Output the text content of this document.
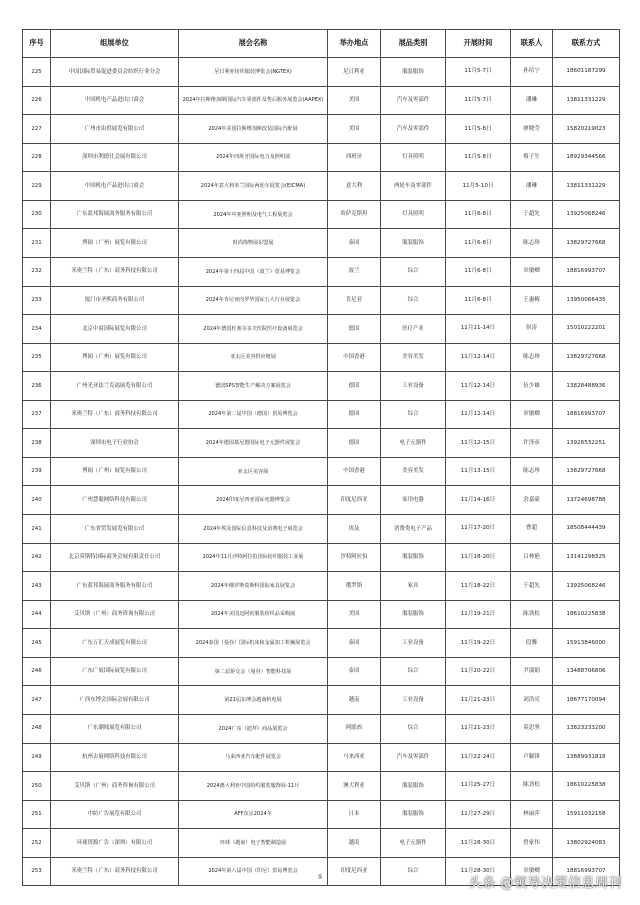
序号	组展单位	展会名称	举办地点	展品类别	开展时间	联系人	联系方式
225	中国国际贸易促进委员会纺织行业分会	尼日利亚纺织服装博览会(NGTEX)	尼日利亚	服装服饰	11月5-7日	孙培宁	18601187299
226	中国机电产品进出口商会	2024年拉斯维加斯国际汽车零部件及售后服务展览会(AAPEX)	美国	汽车及零部件	11月5-7日	潘琳	13811331229
227	广州市由供展览有限公司	2024年美国拉斯维加斯改装国际汽配展	美国	汽车及零部件	11月5-8日	廖晓莹	15820219023
228	深圳市利德仕会展有限公司	2024年西班牙国际电力及照明展	西班牙	灯具照明	11月5-8日	蔡子生	18929344566
229	中国机电产品进出口商会	2024年意大利米兰国际两轮车展览会(EICMA)	意大利	两轮车及零部件	11月5-10日	潘琳	13811331229
230	广东蓝邦海展商务服务有限公司	2024年中亚照明及电气工程展览会	哈萨克斯坦	灯具照明	11月6-8日	于超先	13925068246
231	博闻（广州）展览有限公司	时尚饰物展东盟展	泰国	服装服饰	11月6-8日	陈志珍	13829727668
232	米奥兰特（广东）商务科技有限公司	2024年第十四届中国（波兰）贸易博览会	波兰	综合	11月6-8日	章敏卿	18816993707
233	厦门市圣熙商务有限公司	2024年肯尼亚内罗毕国际五大行业展览会	肯尼亚	综合	11月6-8日	王惠梅	13950066435
234	北京中商国际展览有限公司	2024年德国杜塞尔多夫医院医疗设备展览会	德国	医疗产业	11月11-14日	侯涛	15010222201
235	博闻（广州）展览有限公司	亚太区美容供应链展	中国香港	美容美发	11月12-14日	陈志珍	13829727668
236	广州光亚法兰克福展览有限公司	德国SPS智能生产解决方案展览会	德国	工业设备	11月12-14日	伍少雄	13828488936
237	米奥兰特（广东）商务科技有限公司	2024年第二届中国（德国）贸易博览会	德国	综合	11月12-14日	章敏卿	18816993707
238	深圳市电子行业协会	2024年德国慕尼黑国际电子元器件展览会	德国	电子元器件	11月12-15日	许泽彦	13926532251
239	博闻（广州）展览有限公司	亚太区美容展	中国香港	美容美发	11月13-15日	陈志珍	13829727668
240	广州慧聪网络科技有限公司	2024印度尼西亚国际电器博览会	印度尼西亚	家用电器	11月14-16日	余嘉豪	13724698788
241	广东省贸发展览有限公司	2024年埃及国际信息科技及消费电子展览会	埃及	消费类电子产品	11月17-20日	曹超	18508444439
242	北京莫斯特国际商务会展有限责任公司	2024年11月沙特阿拉伯国际纺织服装工业展	沙特阿拉伯	服装服饰	11月18-20日	吕林艳	13141298325
243	广东蓝邦海展商务服务有限公司	2024年俄罗斯莫斯科国际家具展览会	俄罗斯	家具	11月18-22日	于超先	13925068246
244	艾贝斯（广州）商务咨询有限公司	2024年美国迈阿密服装纺织品采购展	美国	服装服饰	11月19-21日	陈劲松	18610225838
245	广东万汇天成展览有限公司	2024泰国（曼谷）国际机床和金属加工机械展览会	泰国	工业设备	11月19-22日	段馨	15913846000
246	广东广展国际展览有限公司	第二届侨交会（曼谷）智能科技展	泰国	综合	11月20-22日	尹淑娟	13488706806
247	广西东博会国际会展有限公司	第21届东博会越南机电展	越南	工业设备	11月21-23日	刘浩亮	18677170094
248	广东潮域展览有限公司	2024广东（迪拜）商品展览会	阿联酋	综合	11月21-23日	莫思坚	13823233200
249	杭州去展网络科技有限公司	马来西亚汽车配件展览会	马来西亚	汽车及零部件	11月22-24日	卢颖锋	13889931818
250	艾贝斯（广州）商务咨询有限公司	2024澳大利亚中国纺织服装服饰展-11月	澳大利亚	服装服饰	11月25-27日	陈劲松	18610225838
251	中纺广告展览有限公司	AFF东京2024冬	日本	服装服饰	11月27-29日	林丽萍	15911032158
252	环球资源广告（深圳）有限公司	环球（越南）电子智能制造展	越南	电子元器件	11月28-30日	曾家伟	13802924083
253	米奥兰特（广东）商务科技有限公司	2024年第八届中国（印尼）贸易博览会	印度尼西亚	综合	11月28-30日	章敏卿	18816993707
9	头条 @领导决策信息周刊
